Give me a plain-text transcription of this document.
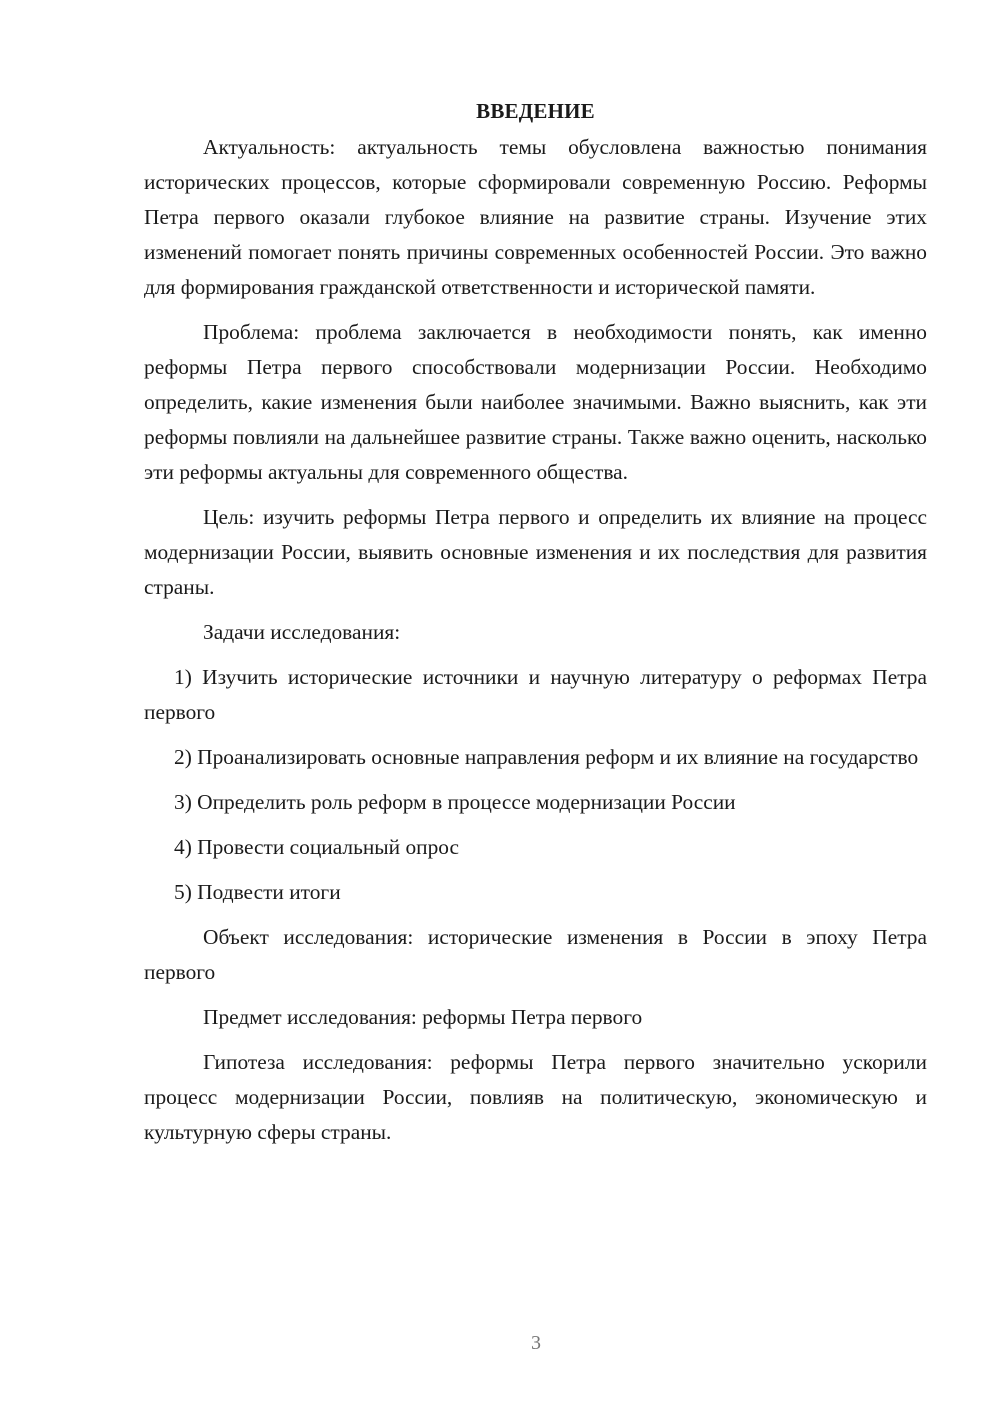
ВВЕДЕНИЕ

Актуальность: актуальность темы обусловлена важностью понимания исторических процессов, которые сформировали современную Россию. Реформы Петра первого оказали глубокое влияние на развитие страны. Изучение этих изменений помогает понять причины современных особенностей России. Это важно для формирования гражданской ответственности и исторической памяти.

Проблема: проблема заключается в необходимости понять, как именно реформы Петра первого способствовали модернизации России. Необходимо определить, какие изменения были наиболее значимыми. Важно выяснить, как эти реформы повлияли на дальнейшее развитие страны. Также важно оценить, насколько эти реформы актуальны для современного общества.

Цель: изучить реформы Петра первого и определить их влияние на процесс модернизации России, выявить основные изменения и их последствия для развития страны.

Задачи исследования:

1) Изучить исторические источники и научную литературу о реформах Петра первого

2) Проанализировать основные направления реформ и их влияние на государство

3) Определить роль реформ в процессе модернизации России

4) Провести социальный опрос

5) Подвести итоги

Объект исследования: исторические изменения в России в эпоху Петра первого

Предмет исследования: реформы Петра первого

Гипотеза исследования: реформы Петра первого значительно ускорили процесс модернизации России, повлияв на политическую, экономическую и культурную сферы страны.

3
